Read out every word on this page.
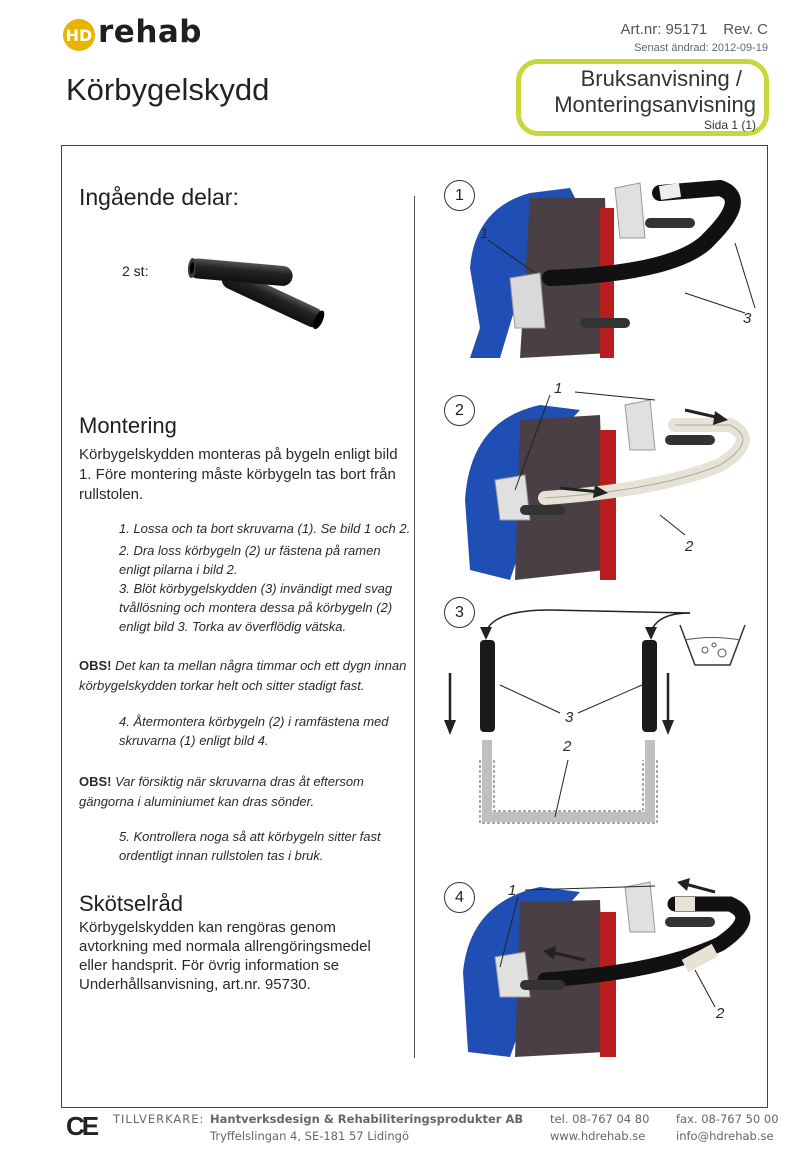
HD rehab	Art.nr: 95171 Rev. C
Senast ändrad: 2012-09-19
Körbygelskydd	Bruksanvisning /
Monteringsanvisning
Sida 1 (1)
Ingående delar:
2 st:
Montering
Körbygelskydden monteras på bygeln enligt bild 1. Före montering måste körbygeln tas bort från rullstolen.
1. Lossa och ta bort skruvarna (1). Se bild 1 och 2.
2. Dra loss körbygeln (2) ur fästena på ramen enligt pilarna i bild 2.
3. Blöt körbygelskydden (3) invändigt med svag tvållösning och montera dessa på körbygeln (2) enligt bild 3. Torka av överflödig vätska.
OBS! Det kan ta mellan några timmar och ett dygn innan körbygelskydden torkar helt och sitter stadigt fast.
4. Återmontera körbygeln (2) i ramfästena med skruvarna (1) enligt bild 4.
OBS! Var försiktig när skruvarna dras åt eftersom gängorna i aluminiumet kan dras sönder.
5. Kontrollera noga så att körbygeln sitter fast ordentligt innan rullstolen tas i bruk.
Skötselråd
Körbygelskydden kan rengöras genom avtorkning med normala allrengöringsmedel eller handsprit. För övrig information se Underhållsanvisning, art.nr. 95730.
1
1
3
2
1
2
3
3
2
4	1
2
CE TILLVERKARE: Hantverksdesign & Rehabiliteringsprodukter AB
Tryffelslingan 4, SE-181 57 Lidingö
tel. 08-767 04 80
www.hdrehab.se
fax. 08-767 50 00
info@hdrehab.se
